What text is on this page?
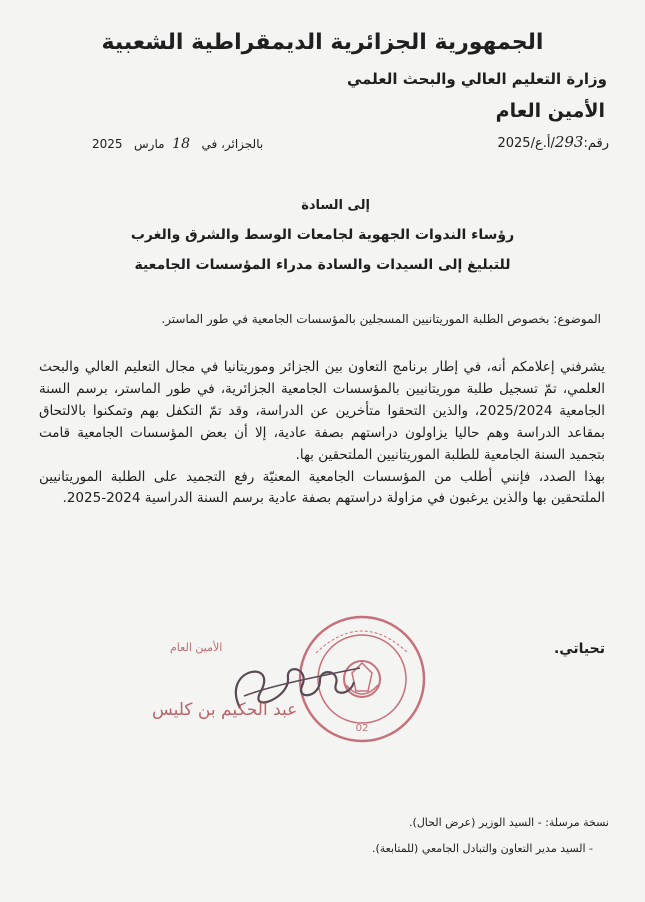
الجمهورية الجزائرية الديمقراطية الشعبية
وزارة التعليم العالي والبحث العلمي
الأمين العام
رقم:293/أ.ع/2025
بالجزائر، في   18  مارس   2025
إلى السادة
رؤساء الندوات الجهوية لجامعات الوسط والشرق والغرب
للتبليغ إلى السيدات والسادة مدراء المؤسسات الجامعية
الموضوع: بخصوص الطلبة الموريتانيين المسجلين بالمؤسسات الجامعية في طور الماستر.

يشرفني إعلامكم أنه، في إطار برنامج التعاون بين الجزائر وموريتانيا في مجال التعليم العالي والبحث العلمي، تمّ تسجيل طلبة موريتانيين بالمؤسسات الجامعية الجزائرية، في طور الماستر، برسم السنة الجامعية 2025/2024، والذين التحقوا متأخرين عن الدراسة، وقد تمّ التكفل بهم وتمكنوا بالالتحاق بمقاعد الدراسة وهم حاليا يزاولون دراستهم بصفة عادية، إلا أن بعض المؤسسات الجامعية قامت بتجميد السنة الجامعية للطلبة الموريتانيين الملتحقين بها.

بهذا الصدد، فإنني أطلب من المؤسسات الجامعية المعنيّة رفع التجميد على الطلبة الموريتانيين الملتحقين بها والذين يرغبون في مزاولة دراستهم بصفة عادية برسم السنة الدراسية 2024-2025.

تحياتي.
02
الأمين العام
عبد الحكيم بن كليس
نسخة مرسلة: - السيد الوزير (عرض الحال).
- السيد مدير التعاون والتبادل الجامعي (للمتابعة).
